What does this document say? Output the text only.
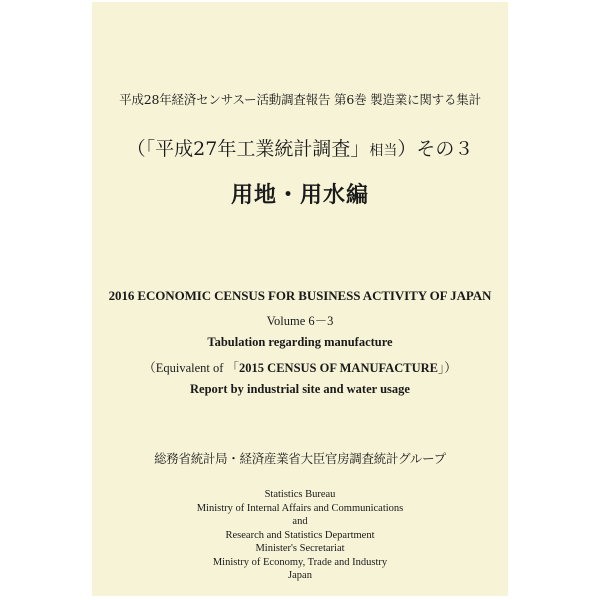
平成28年経済センサスー活動調査報告 第6巻 製造業に関する集計
（「平成27年工業統計調査」相当）その３
用地・用水編
2016 ECONOMIC CENSUS FOR BUSINESS ACTIVITY OF JAPAN
Volume 6－3
Tabulation regarding manufacture
（Equivalent of 「2015 CENSUS OF MANUFACTURE」）
Report by industrial site and water usage
総務省統計局・経済産業省大臣官房調査統計グループ
Statistics Bureau
Ministry of Internal Affairs and Communications
and
Research and Statistics Department
Minister's Secretariat
Ministry of Economy, Trade and Industry
Japan
